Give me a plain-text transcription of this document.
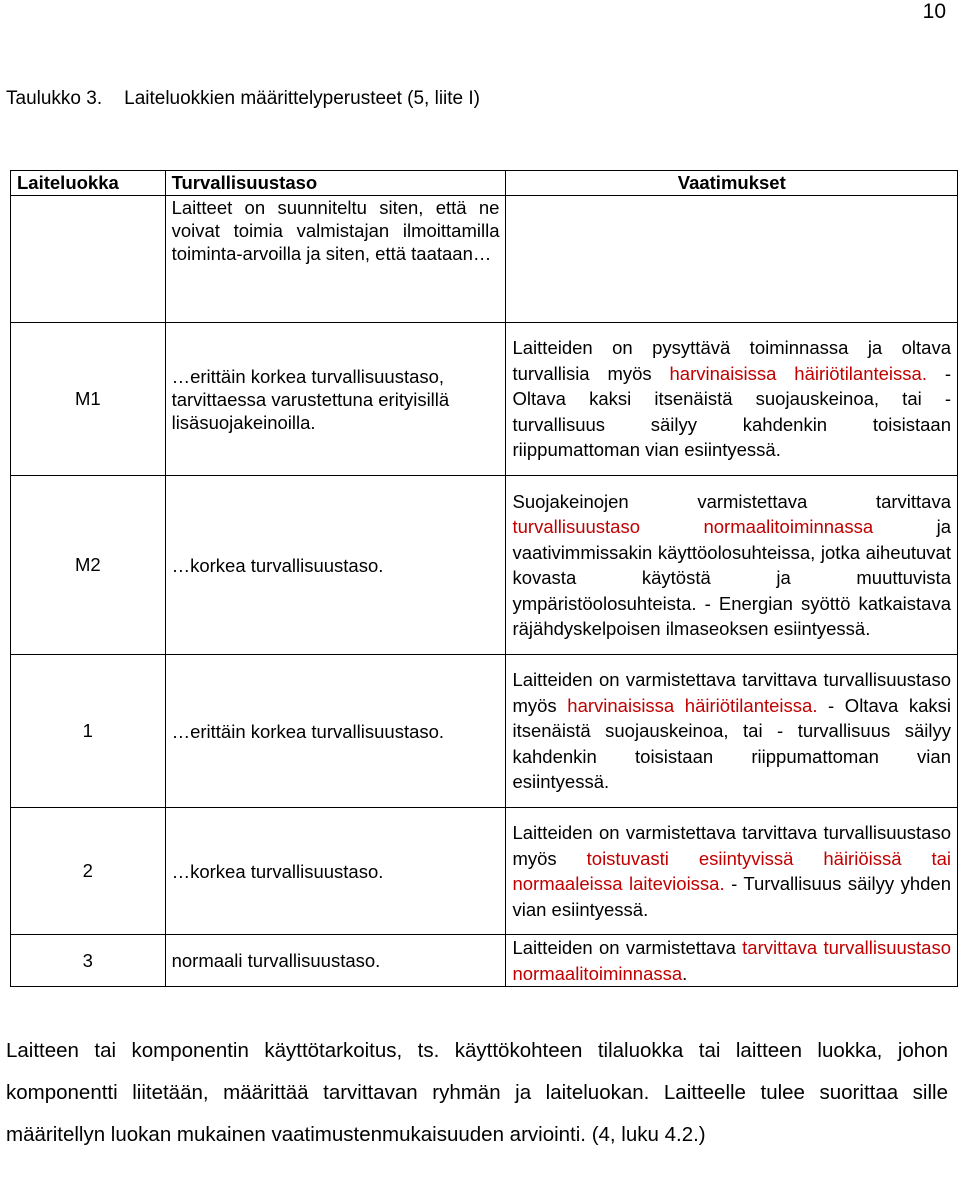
10
Taulukko 3. Laiteluokkien määrittelyperusteet (5, liite I)
Laiteluokka	Turvallisuustaso	Vaatimukset
	Laitteet on suunniteltu siten, että ne voivat toimia valmistajan ilmoittamilla toiminta-arvoilla ja siten, että taataan…	
M1	…erittäin korkea turvallisuustaso, tarvittaessa varustettuna erityisillä lisäsuojakeinoilla.	Laitteiden on pysyttävä toiminnassa ja oltava turvallisia myös harvinaisissa häiriötilanteissa. - Oltava kaksi itsenäistä suojauskeinoa, tai - turvallisuus säilyy kahdenkin toisistaan riippumattoman vian esiintyessä.
M2	…korkea turvallisuustaso.	Suojakeinojen varmistettava tarvittava turvallisuustaso normaalitoiminnassa ja vaativimmissakin käyttöolosuhteissa, jotka aiheutuvat kovasta käytöstä ja muuttuvista ympäristöolosuhteista. - Energian syöttö katkaistava räjähdyskelpoisen ilmaseoksen esiintyessä.
1	…erittäin korkea turvallisuustaso.	Laitteiden on varmistettava tarvittava turvallisuustaso myös harvinaisissa häiriötilanteissa. - Oltava kaksi itsenäistä suojauskeinoa, tai - turvallisuus säilyy kahdenkin toisistaan riippumattoman vian esiintyessä.
2	…korkea turvallisuustaso.	Laitteiden on varmistettava tarvittava turvallisuustaso myös toistuvasti esiintyvissä häiriöissä tai normaaleissa laitevioissa. - Turvallisuus säilyy yhden vian esiintyessä.
3	normaali turvallisuustaso.	Laitteiden on varmistettava tarvittava turvallisuustaso normaalitoiminnassa.
Laitteen tai komponentin käyttötarkoitus, ts. käyttökohteen tilaluokka tai laitteen luokka, johon komponentti liitetään, määrittää tarvittavan ryhmän ja laiteluokan. Laitteelle tulee suorittaa sille määritellyn luokan mukainen vaatimustenmukaisuuden arviointi. (4, luku 4.2.)
